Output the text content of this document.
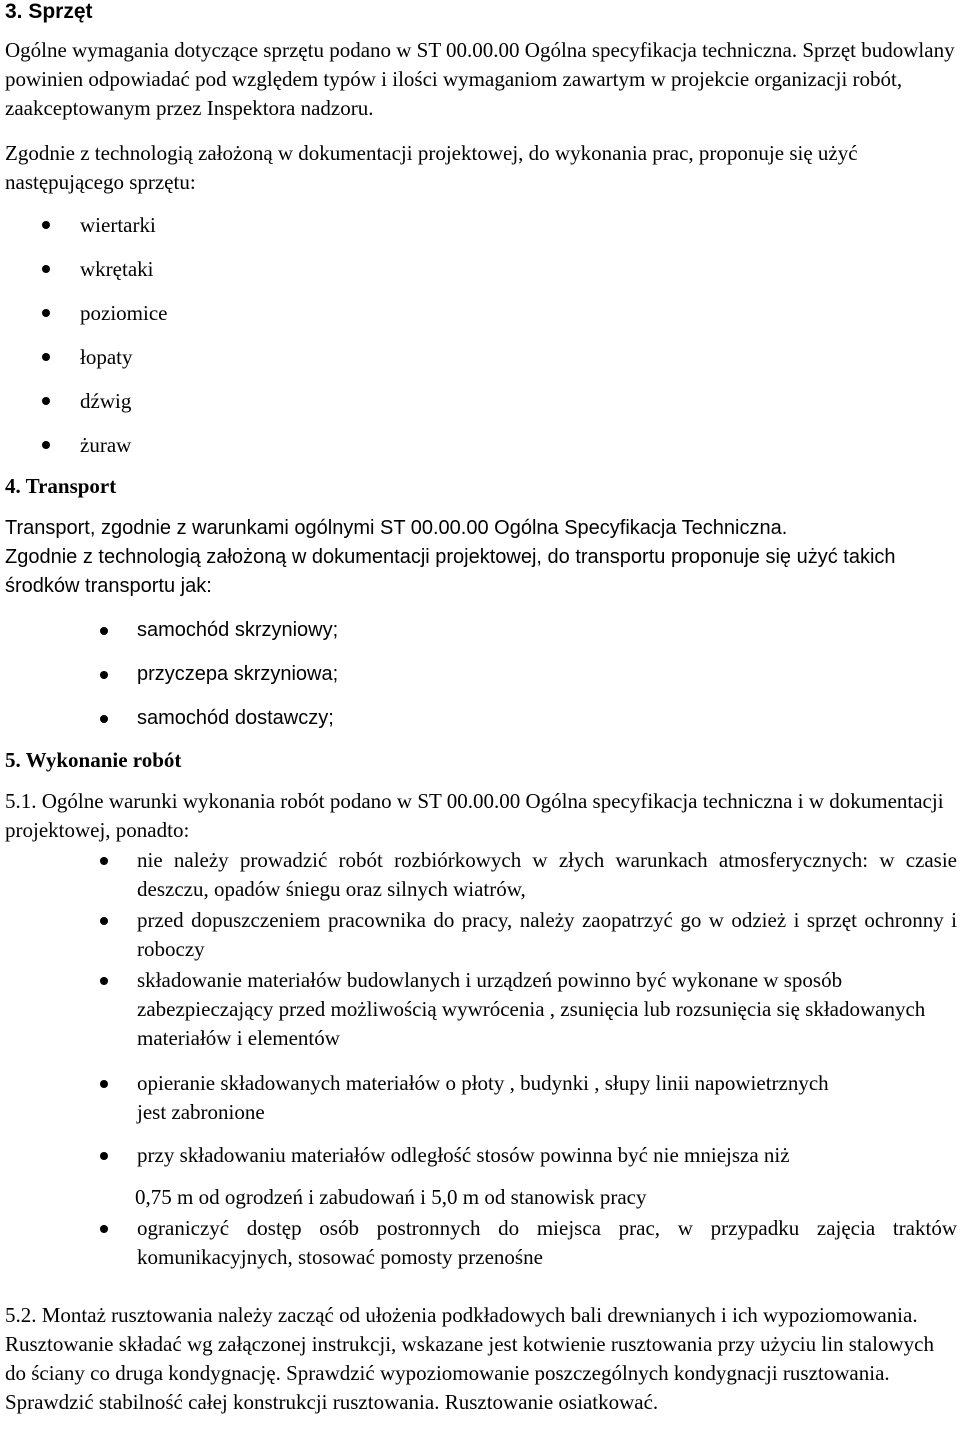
3. Sprzęt

Ogólne wymagania dotyczące sprzętu podano w ST 00.00.00 Ogólna specyfikacja techniczna. Sprzęt budowlany powinien odpowiadać pod względem typów i ilości wymaganiom zawartym w projekcie organizacji robót, zaakceptowanym przez Inspektora nadzoru.

Zgodnie z technologią założoną w dokumentacji projektowej, do wykonania prac, proponuje się użyć następującego sprzętu:

wiertarki
wkrętaki
poziomice
łopaty
dźwig
żuraw
4. Transport

Transport, zgodnie z warunkami ogólnymi ST 00.00.00 Ogólna Specyfikacja Techniczna.

Zgodnie z technologią założoną w dokumentacji projektowej, do transportu proponuje się użyć takich środków transportu jak:

samochód skrzyniowy;
przyczepa skrzyniowa;
samochód dostawczy;
5. Wykonanie robót

5.1. Ogólne warunki wykonania robót podano w ST 00.00.00 Ogólna specyfikacja techniczna i w dokumentacji projektowej, ponadto:

nie należy prowadzić robót rozbiórkowych w złych warunkach atmosferycznych: w czasie deszczu, opadów śniegu oraz silnych wiatrów,
przed dopuszczeniem pracownika do pracy, należy zaopatrzyć go w odzież i sprzęt ochronny i roboczy
składowanie materiałów budowlanych i urządzeń powinno być wykonane w sposób zabezpieczający przed możliwością wywrócenia , zsunięcia lub rozsunięcia się składowanych materiałów i elementów
opieranie składowanych materiałów o płoty , budynki , słupy linii napowietrznych jest zabronione
przy składowaniu materiałów odległość stosów powinna być nie mniejsza niż
0,75 m od ogrodzeń i zabudowań i 5,0 m od stanowisk pracy
ograniczyć dostęp osób postronnych do miejsca prac, w przypadku zajęcia traktów komunikacyjnych, stosować pomosty przenośne

5.2. Montaż rusztowania należy zacząć od ułożenia podkładowych bali drewnianych i ich wypoziomowania. Rusztowanie składać wg załączonej instrukcji, wskazane jest kotwienie rusztowania przy użyciu lin stalowych do ściany co druga kondygnację. Sprawdzić wypoziomowanie poszczególnych kondygnacji rusztowania. Sprawdzić stabilność całej konstrukcji rusztowania. Rusztowanie osiatkować.
